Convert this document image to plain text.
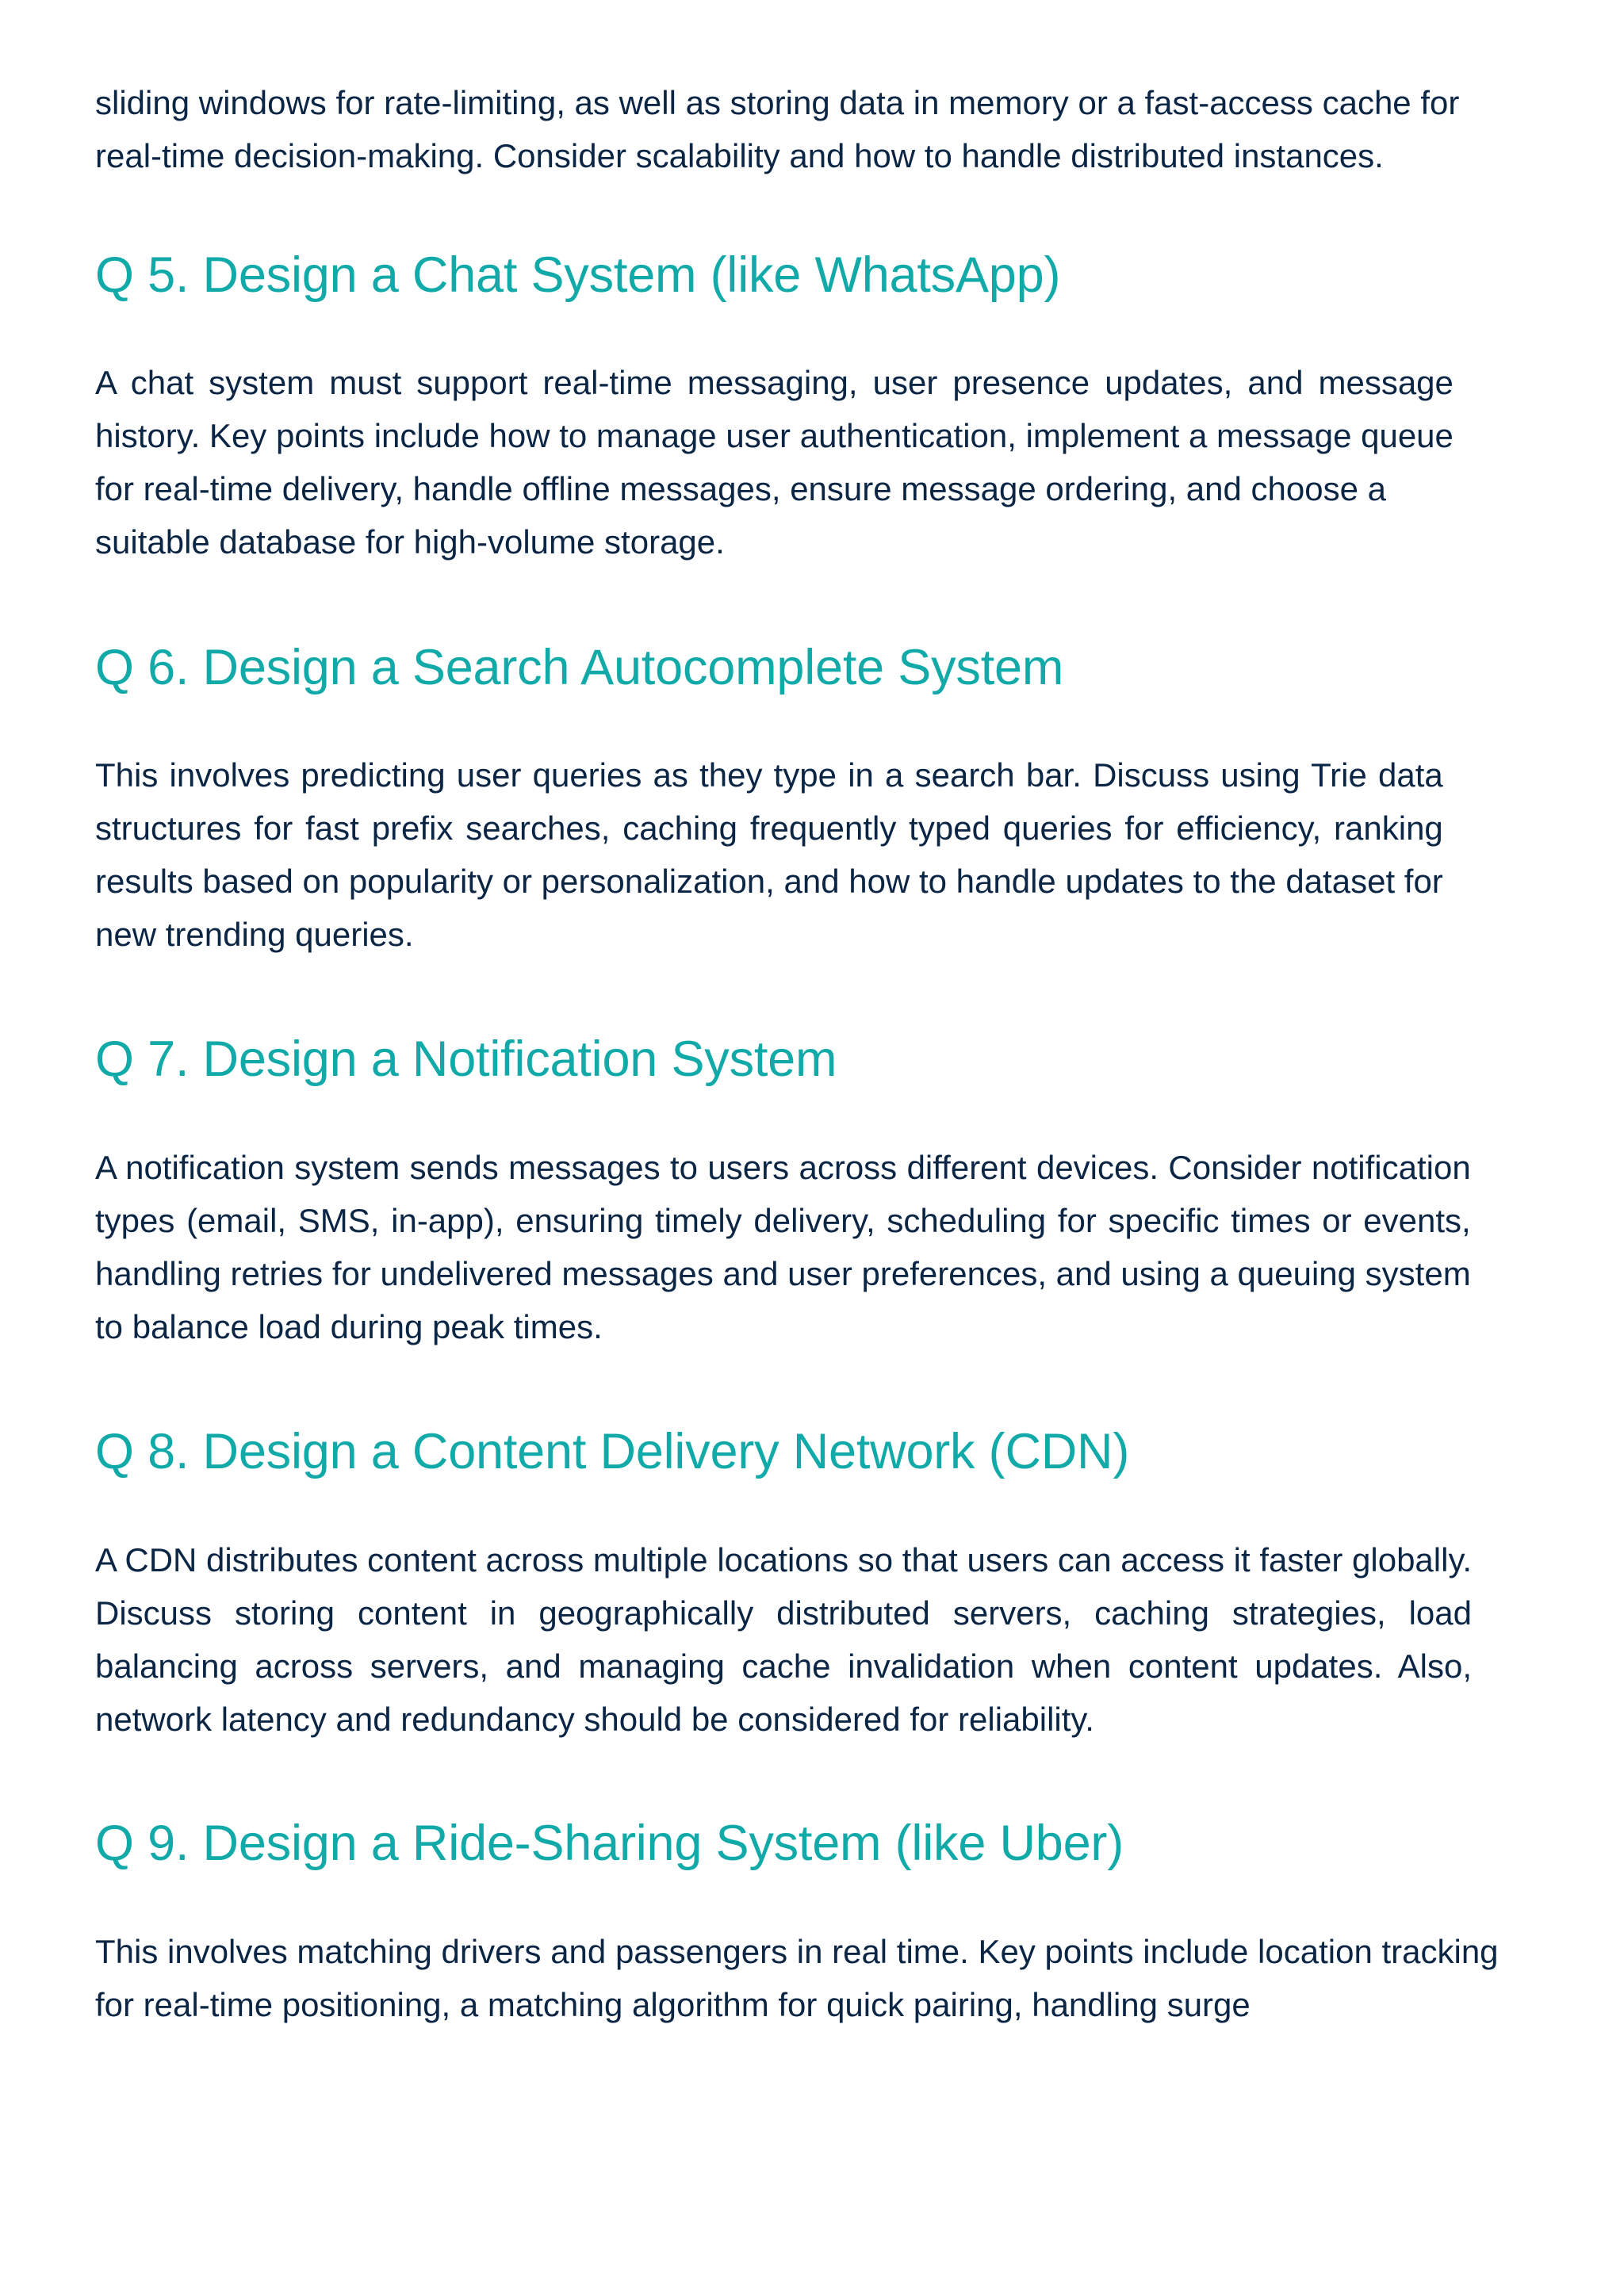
sliding windows for rate-limiting, as well as storing data in memory or a fast-access cache for
real-time decision-making. Consider scalability and how to handle distributed instances.

Q 5. Design a Chat System (like WhatsApp)

A chat system must support real-time messaging, user presence updates, and message
history. Key points include how to manage user authentication, implement a message queue
for real-time delivery, handle offline messages, ensure message ordering, and choose a
suitable database for high-volume storage.

Q 6. Design a Search Autocomplete System

This involves predicting user queries as they type in a search bar. Discuss using Trie data
structures for fast prefix searches, caching frequently typed queries for efficiency, ranking
results based on popularity or personalization, and how to handle updates to the dataset for
new trending queries.

Q 7. Design a Notification System

A notification system sends messages to users across different devices. Consider notification
types (email, SMS, in-app), ensuring timely delivery, scheduling for specific times or events,
handling retries for undelivered messages and user preferences, and using a queuing system
to balance load during peak times.

Q 8. Design a Content Delivery Network (CDN)

A CDN distributes content across multiple locations so that users can access it faster globally.
Discuss storing content in geographically distributed servers, caching strategies, load
balancing across servers, and managing cache invalidation when content updates. Also,
network latency and redundancy should be considered for reliability.

Q 9. Design a Ride-Sharing System (like Uber)

This involves matching drivers and passengers in real time. Key points include location tracking
for real-time positioning, a matching algorithm for quick pairing, handling surge
